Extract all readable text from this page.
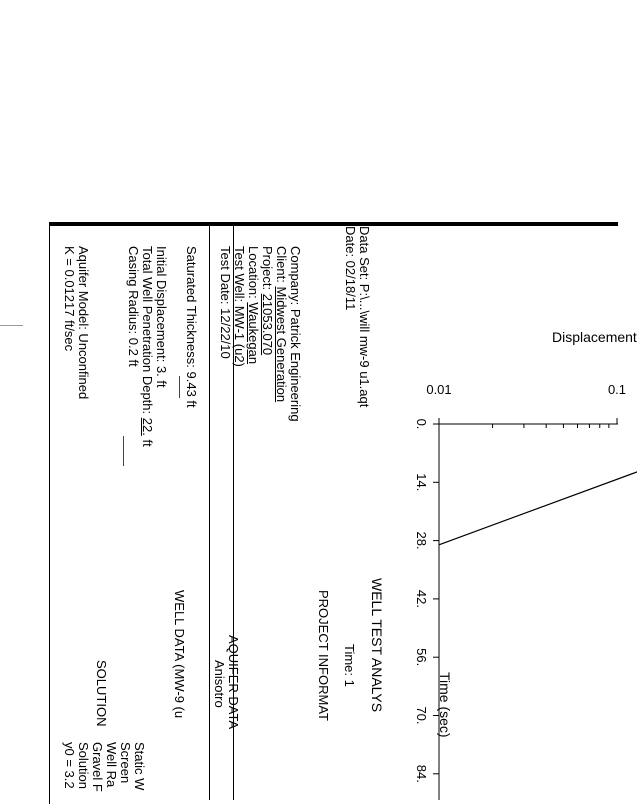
0.
14.
28.
42.
56.
70.
84.
0.01	0.1
WELL TEST ANALYS	Time (sec)
Displacement
Data Set: P:\...\will mw-9 u1.aqt
Date: 02/18/11
Time: 1
PROJECT INFORMAT
Company: Patrick Engineering
Client: Midwest Generation
Project: 21053.070
Location: Waukegan
Test Well: MW-1 (u2)
Test Date: 12/22/10
AQUIFER DATA
Saturated Thickness: 9.43 ft
Anisotro
WELL DATA (MW-9 (u
Static W
Screen
Well Ra
Gravel F
Initial Displacement: 3. ft
Total Well Penetration Depth: 22. ft
Casing Radius: 0.2 ft
SOLUTION
Aquifer Model: Unconfined
K = 0.01217 ft/sec
Solution
y0 = 3.2
